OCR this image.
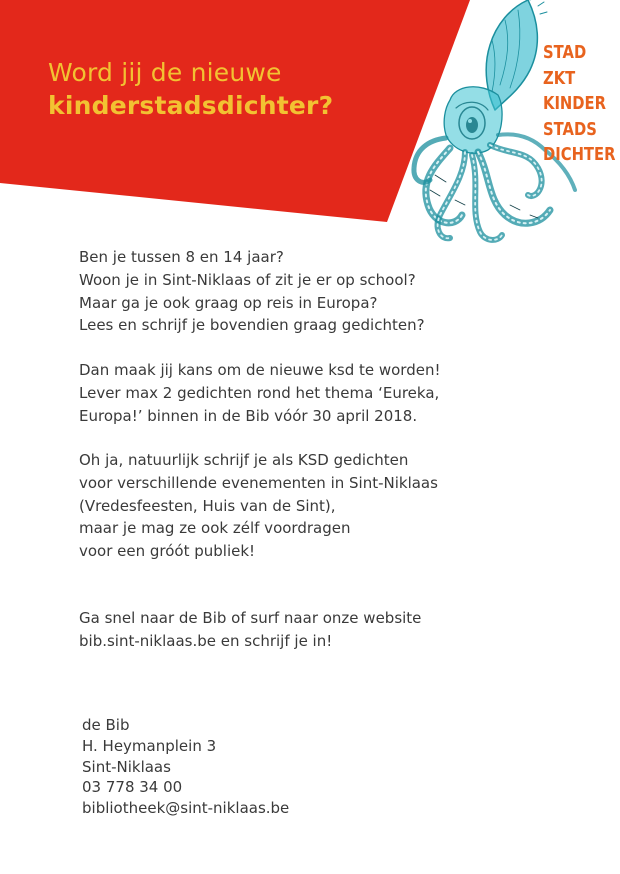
Word jij de nieuwe
kinderstadsdichter?
STAD
ZKT
KINDER
STADS
DICHTER
Ben je tussen 8 en 14 jaar?
Woon je in Sint-Niklaas of zit je er op school?
Maar ga je ook graag op reis in Europa?
Lees en schrijf je bovendien graag gedichten?
Dan maak jij kans om de nieuwe ksd te worden!
Lever max 2 gedichten rond het thema ‘Eureka,
Europa!’ binnen in de Bib vóór 30 april 2018.
Oh ja, natuurlijk schrijf je als KSD gedichten
voor verschillende evenementen in Sint-Niklaas
(Vredesfeesten, Huis van de Sint),
maar je mag ze ook zélf voordragen
voor een gróót publiek!
Ga snel naar de Bib of surf naar onze website
bib.sint-niklaas.be en schrijf je in!
de Bib
H. Heymanplein 3
Sint-Niklaas
03 778 34 00
bibliotheek@sint-niklaas.be
